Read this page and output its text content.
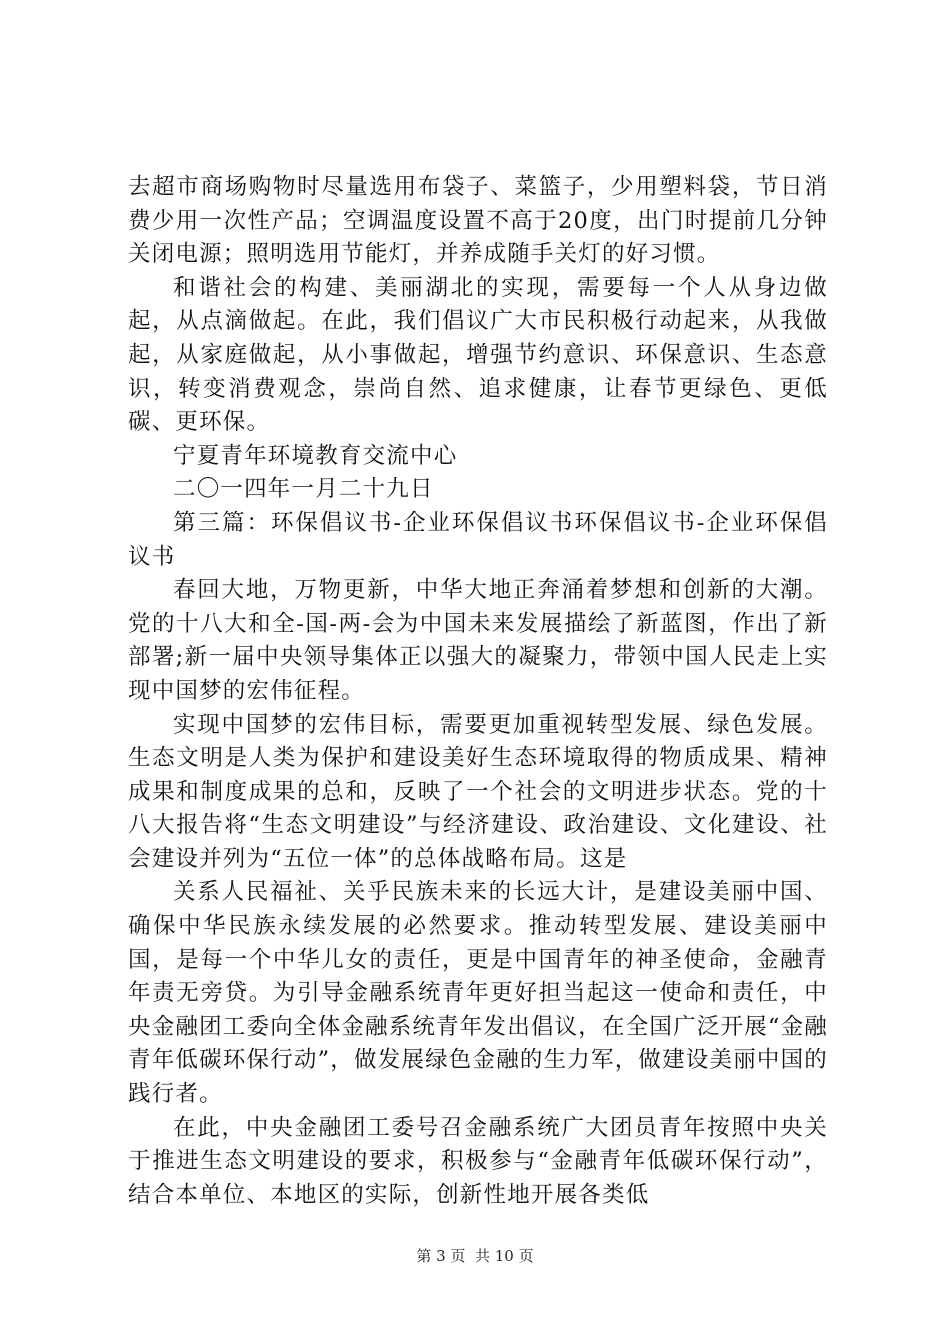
去超市商场购物时尽量选用布袋子、菜篮子，少用塑料袋，节日消费少用一次性产品；空调温度设置不高于20度，出门时提前几分钟关闭电源；照明选用节能灯，并养成随手关灯的好习惯。

和谐社会的构建、美丽湖北的实现，需要每一个人从身边做起，从点滴做起。在此，我们倡议广大市民积极行动起来，从我做起，从家庭做起，从小事做起，增强节约意识、环保意识、生态意识，转变消费观念，崇尚自然、追求健康，让春节更绿色、更低碳、更环保。

宁夏青年环境教育交流中心

二〇一四年一月二十九日

第三篇：环保倡议书-企业环保倡议书环保倡议书-企业环保倡议书

春回大地，万物更新，中华大地正奔涌着梦想和创新的大潮。党的十八大和全-国-两-会为中国未来发展描绘了新蓝图，作出了新部署;新一届中央领导集体正以强大的凝聚力，带领中国人民走上实现中国梦的宏伟征程。

实现中国梦的宏伟目标，需要更加重视转型发展、绿色发展。生态文明是人类为保护和建设美好生态环境取得的物质成果、精神成果和制度成果的总和，反映了一个社会的文明进步状态。党的十八大报告将“生态文明建设”与经济建设、政治建设、文化建设、社会建设并列为“五位一体”的总体战略布局。这是

关系人民福祉、关乎民族未来的长远大计，是建设美丽中国、确保中华民族永续发展的必然要求。推动转型发展、建设美丽中国，是每一个中华儿女的责任，更是中国青年的神圣使命，金融青年责无旁贷。为引导金融系统青年更好担当起这一使命和责任，中央金融团工委向全体金融系统青年发出倡议，在全国广泛开展“金融青年低碳环保行动”，做发展绿色金融的生力军，做建设美丽中国的践行者。

在此，中央金融团工委号召金融系统广大团员青年按照中央关于推进生态文明建设的要求，积极参与“金融青年低碳环保行动”，结合本单位、本地区的实际，创新性地开展各类低

第 3 页  共 10 页
